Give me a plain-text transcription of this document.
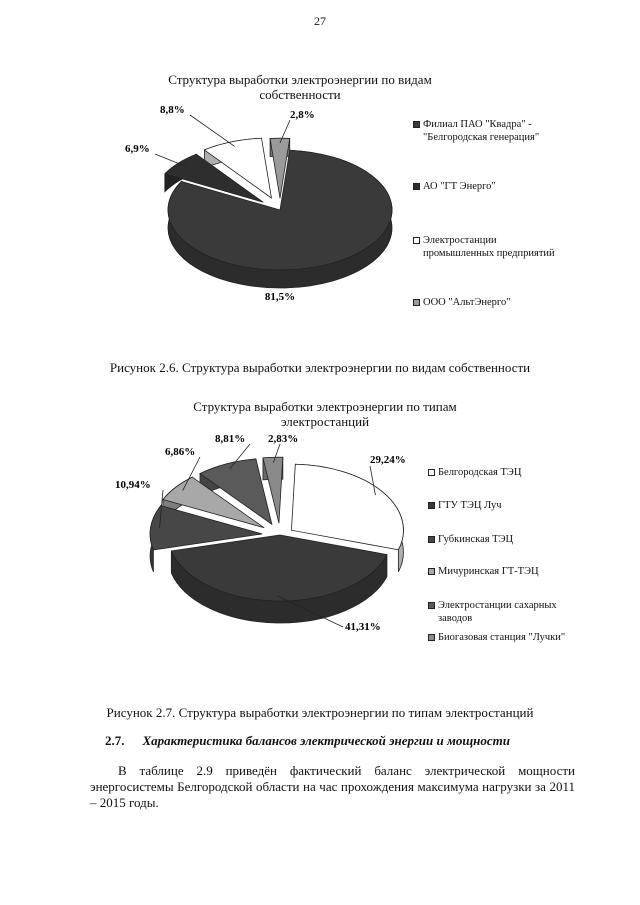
27
Структура выработки электроэнергии по видам
собственности
81,5%
6,9%
8,8%	2,8%
Филиал ПАО "Квадра" - "Белгородская генерация"
АО "ГТ Энерго"
Электростанции промышленных предприятий
ООО "АльтЭнерго"
Рисунок 2.6. Структура выработки электроэнергии по видам собственности
Структура выработки электроэнергии по типам
электростанций
29,24%
41,31%
10,94%
6,86%
8,81% 2,83%
Белгородская ТЭЦ
ГТУ ТЭЦ Луч
Губкинская ТЭЦ
Мичуринская ГТ-ТЭЦ
Электростанции сахарных заводов
Биогазовая станция "Лучки"
Рисунок 2.7. Структура выработки электроэнергии по типам электростанций
2.7. Характеристика балансов электрической энергии и мощности
В таблице 2.9 приведён фактический баланс электрической мощности энергосистемы Белгородской области на час прохождения максимума нагрузки за 2011 – 2015 годы.
